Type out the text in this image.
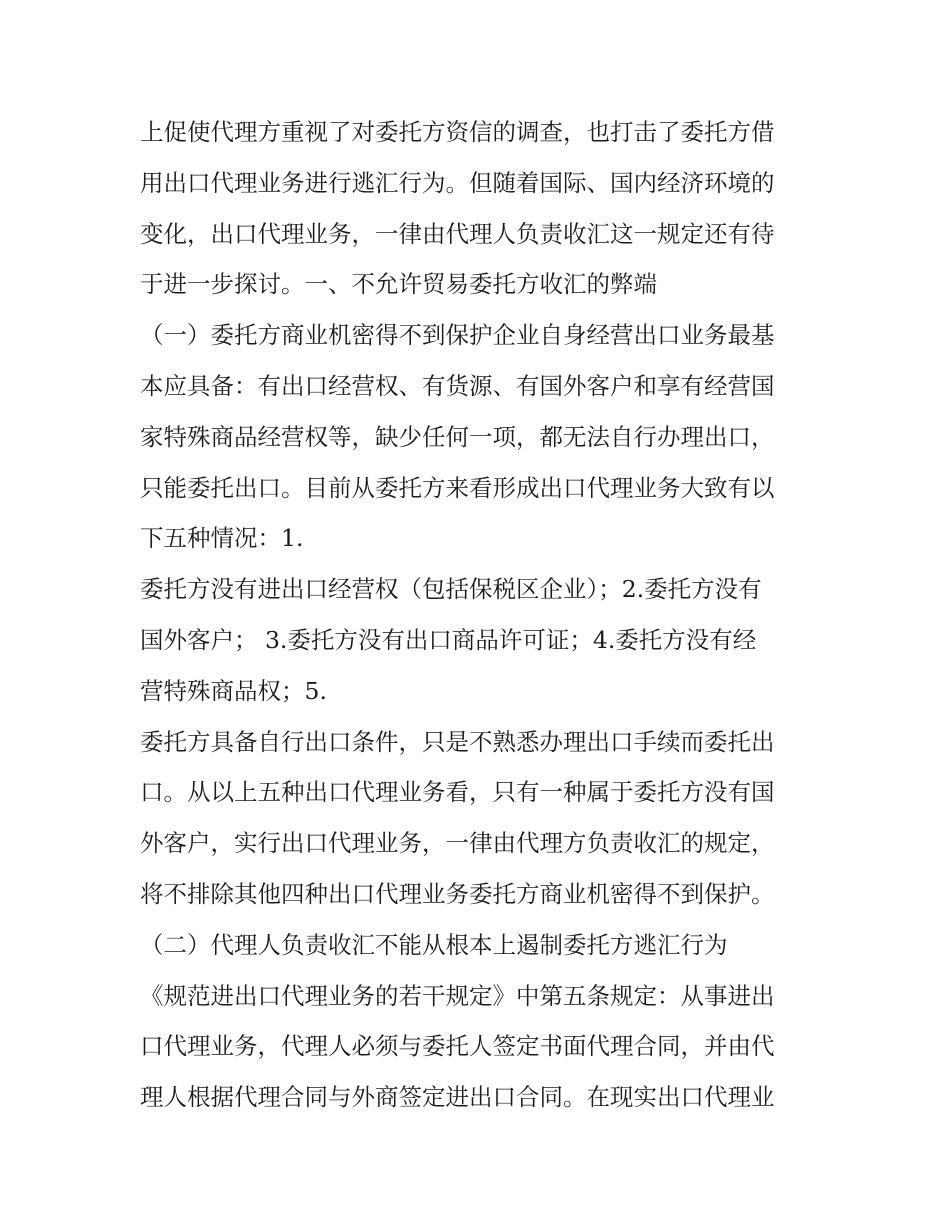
上促使代理方重视了对委托方资信的调查，也打击了委托方借
用出口代理业务进行逃汇行为。但随着国际、国内经济环境的
变化，出口代理业务，一律由代理人负责收汇这一规定还有待
于进一步探讨。一、不允许贸易委托方收汇的弊端
（一）委托方商业机密得不到保护企业自身经营出口业务最基
本应具备：有出口经营权、有货源、有国外客户和享有经营国
家特殊商品经营权等，缺少任何一项，都无法自行办理出口，
只能委托出口。目前从委托方来看形成出口代理业务大致有以
下五种情况：1.
委托方没有进出口经营权（包括保税区企业）；2.委托方没有
国外客户； 3.委托方没有出口商品许可证；4.委托方没有经
营特殊商品权；5.
委托方具备自行出口条件，只是不熟悉办理出口手续而委托出
口。从以上五种出口代理业务看，只有一种属于委托方没有国
外客户，实行出口代理业务，一律由代理方负责收汇的规定，
将不排除其他四种出口代理业务委托方商业机密得不到保护。
（二）代理人负责收汇不能从根本上遏制委托方逃汇行为
《规范进出口代理业务的若干规定》中第五条规定：从事进出
口代理业务，代理人必须与委托人签定书面代理合同，并由代
理人根据代理合同与外商签定进出口合同。在现实出口代理业
